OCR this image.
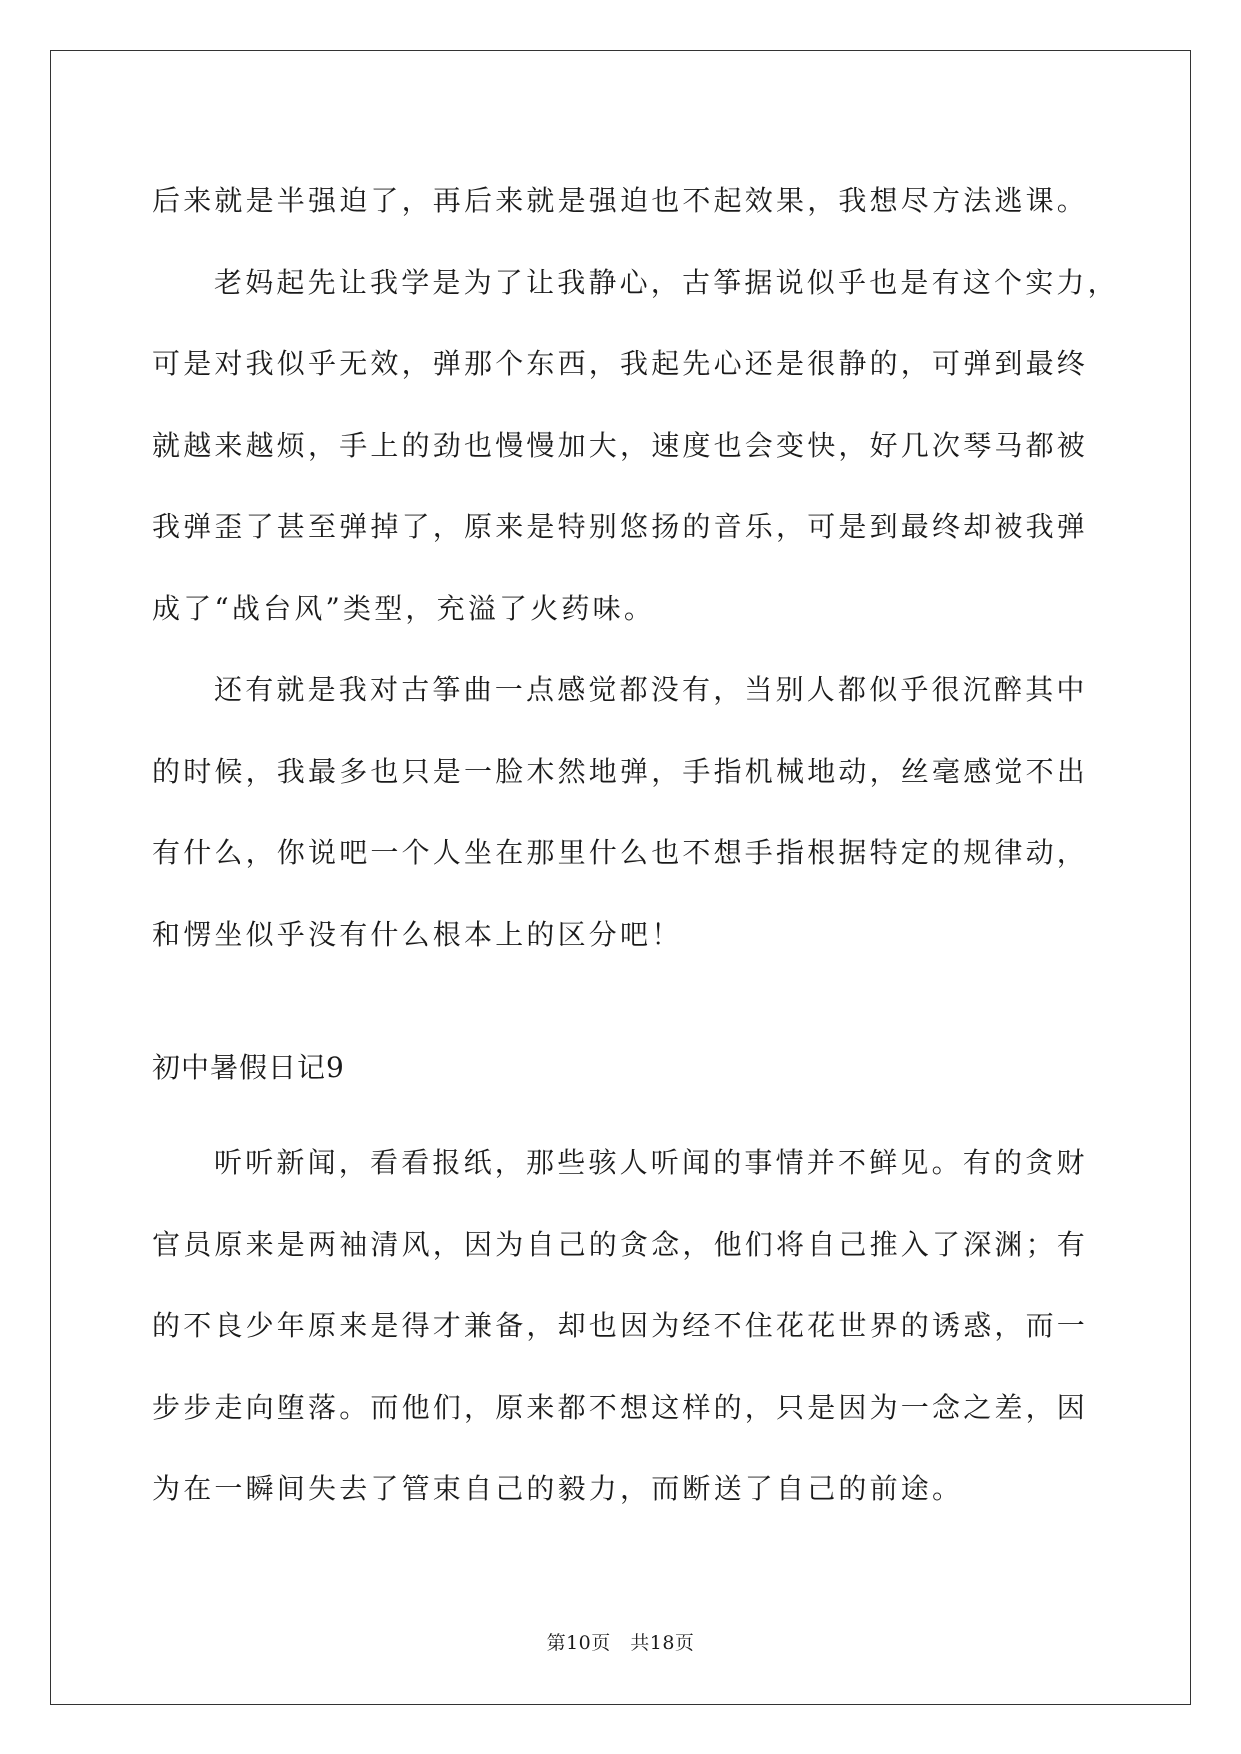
后来就是半强迫了，再后来就是强迫也不起效果，我想尽方法逃课。
老妈起先让我学是为了让我静心，古筝据说似乎也是有这个实力，
可是对我似乎无效，弹那个东西，我起先心还是很静的，可弹到最终
就越来越烦，手上的劲也慢慢加大，速度也会变快，好几次琴马都被
我弹歪了甚至弹掉了，原来是特别悠扬的音乐，可是到最终却被我弹
成了“战台风”类型，充溢了火药味。
还有就是我对古筝曲一点感觉都没有，当别人都似乎很沉醉其中
的时候，我最多也只是一脸木然地弹，手指机械地动，丝毫感觉不出
有什么，你说吧一个人坐在那里什么也不想手指根据特定的规律动，
和愣坐似乎没有什么根本上的区分吧！
初中暑假日记9
听听新闻，看看报纸，那些骇人听闻的事情并不鲜见。有的贪财
官员原来是两袖清风，因为自己的贪念，他们将自己推入了深渊；有
的不良少年原来是得才兼备，却也因为经不住花花世界的诱惑，而一
步步走向堕落。而他们，原来都不想这样的，只是因为一念之差，因
为在一瞬间失去了管束自己的毅力，而断送了自己的前途。
第10页　共18页
